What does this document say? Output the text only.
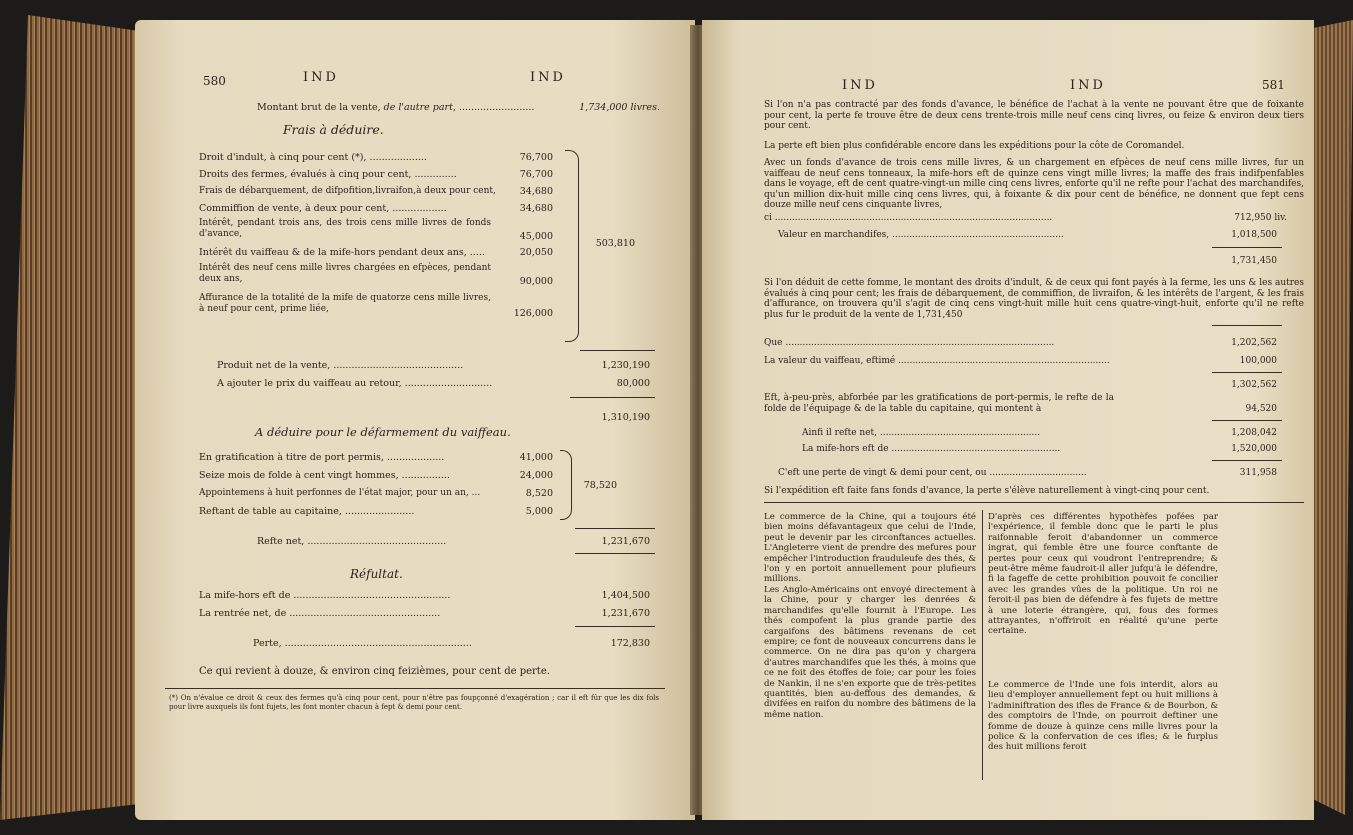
580	IND	IND
Montant brut de la vente, de l'autre part, .........................	1,734,000 livres.
Frais à déduire.
Droit d'indult, à cinq pour cent (*), ...................	76,700
Droits des fermes, évalués à cinq pour cent, ..............	76,700
Frais de débarquement, de difpofition,livraifon,à deux pour cent,	34,680
Commiffion de vente, à deux pour cent, ..................	34,680
Intérêt, pendant trois ans, des trois cens mille livres de fonds d'avance,	45,000
Intérêt du vaiffeau & de la mife-hors pendant deux ans, .....	20,050
Intérêt des neuf cens mille livres chargées en efpèces, pendant deux ans,	90,000
Affurance de la totalité de la mife de quatorze cens mille livres, à neuf pour cent, prime liée,	126,000
503,810
Produit net de la vente, ...........................................	1,230,190
A ajouter le prix du vaiffeau au retour, .............................	80,000
1,310,190
A déduire pour le défarmement du vaiffeau.
En gratification à titre de port permis, ...................	41,000
Seize mois de folde à cent vingt hommes, ................	24,000
Appointemens à huit perfonnes de l'état major, pour un an, ...	8,520
Reftant de table au capitaine, .......................	5,000
78,520
Refte net, ..............................................	1,231,670
Réfultat.
La mife-hors eft de ....................................................	1,404,500
La rentrée net, de ..................................................	1,231,670
Perte, ..............................................................	172,830
Ce qui revient à douze, & environ cinq feizièmes, pour cent de perte.
(*) On n'évalue ce droit & ceux des fermes qu'à cinq pour cent, pour n'être pas foupçonné d'exagération ; car il eft fûr que les dix fols pour livre auxquels ils font fujets, les font monter chacun à fept & demi pour cent.
IND	IND	581
Si l'on n'a pas contracté par des fonds d'avance, le bénéfice de l'achat à la vente ne pouvant être que de foixante pour cent, la perte fe trouve être de deux cens trente-trois mille neuf cens cinq livres, ou feize & environ deux tiers pour cent.
La perte eft bien plus confidérable encore dans les expéditions pour la côte de Coromandel.
Avec un fonds d'avance de trois cens mille livres, & un chargement en efpèces de neuf cens mille livres, fur un vaiffeau de neuf cens tonneaux, la mife-hors eft de quinze cens vingt mille livres; la maffe des frais indifpenfables dans le voyage, eft de cent quatre-vingt-un mille cinq cens livres, enforte qu'il ne refte pour l'achat des marchandifes, qu'un million dix-huit mille cinq cens livres, qui, à foixante & dix pour cent de bénéfice, ne donnent que fept cens douze mille neuf cens cinquante livres,
ci .................................................................................................	712,950 liv.
Valeur en marchandifes, ............................................................	1,018,500
1,731,450
Si l'on déduit de cette fomme, le montant des droits d'indult, & de ceux qui font payés à la ferme, les uns & les autres évalués à cinq pour cent; les frais de débarquement, de commiffion, de livraifon, & les intérêts de l'argent, & les frais d'affurance, on trouvera qu'il s'agit de cinq cens vingt-huit mille huit cens quatre-vingt-huit, enforte qu'il ne refte plus fur le produit de la vente de 1,731,450
Que ..............................................................................................	1,202,562
La valeur du vaiffeau, eftimé ..........................................................................	100,000
1,302,562
Eft, à-peu-près, abforbée par les gratifications de port-permis, le refte de la folde de l'équipage & de la table du capitaine, qui montent à	94,520
Ainfi il refte net, ........................................................	1,208,042
La mife-hors eft de ...........................................................	1,520,000
C'eft une perte de vingt & demi pour cent, ou ..................................	311,958
Si l'expédition eft faite fans fonds d'avance, la perte s'élève naturellement à vingt-cinq pour cent.
Le commerce de la Chine, qui a toujours été bien moins défavantageux que celui de l'Inde, peut le devenir par les circonftances actuelles. L'Angleterre vient de prendre des mefures pour empêcher l'introduction frauduleufe des thés, & l'on y en portoit annuellement pour plufieurs millions.
Les Anglo-Américains ont envoyé directement à la Chine, pour y charger les denrées & marchandifes qu'elle fournit à l'Europe. Les thés compofent la plus grande partie des cargaifons des bâtimens revenans de cet empire; ce font de nouveaux concurrens dans le commerce. On ne dira pas qu'on y chargera d'autres marchandifes que les thés, à moins que ce ne foit des étoffes de foie; car pour les foies de Nankin, il ne s'en exporte que de très-petites quantités, bien au-deffous des demandes, & divifées en raifon du nombre des bâtimens de la même nation.
D'après ces différentes hypothèfes pofées par l'expérience, il femble donc que le parti le plus raifonnable feroit d'abandonner un commerce ingrat, qui femble être une fource conftante de pertes pour ceux qui voudront l'entreprendre; & peut-être même faudroit-il aller jufqu'à le défendre, fi la fageffe de cette prohibition pouvoit fe concilier avec les grandes vûes de la politique. Un roi ne feroit-il pas bien de défendre à fes fujets de mettre à une loterie étrangère, qui, fous des formes attrayantes, n'offriroit en réalité qu'une perte certaine.
Le commerce de l'Inde une fois interdit, alors au lieu d'employer annuellement fept ou huit millions à l'adminiftration des ifles de France & de Bourbon, & des comptoirs de l'Inde, on pourroit deftiner une fomme de douze à quinze cens mille livres pour la police & la confervation de ces ifles; & le furplus des huit millions feroit
